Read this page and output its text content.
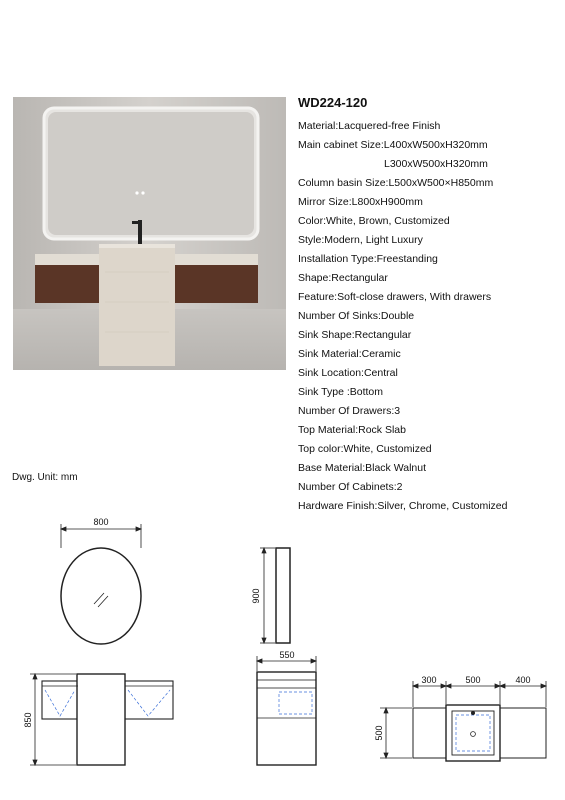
WD224-120
Material:Lacquered-free Finish
Main cabinet Size:L400xW500xH320mm
L300xW500xH320mm
Column basin Size:L500xW500×H850mm
Mirror Size:L800xH900mm
Color:White, Brown, Customized
Style:Modern, Light Luxury
Installation Type:Freestanding
Shape:Rectangular
Feature:Soft-close drawers, With drawers
Number Of Sinks:Double
Sink Shape:Rectangular
Sink Material:Ceramic
Sink Location:Central
Sink Type :Bottom
Number Of Drawers:3
Top Material:Rock Slab
Top color:White, Customized
Base Material:Black Walnut
Number Of Cabinets:2
Hardware Finish:Silver, Chrome, Customized
Dwg. Unit: mm
800
900
850
550
300	500	400
500
